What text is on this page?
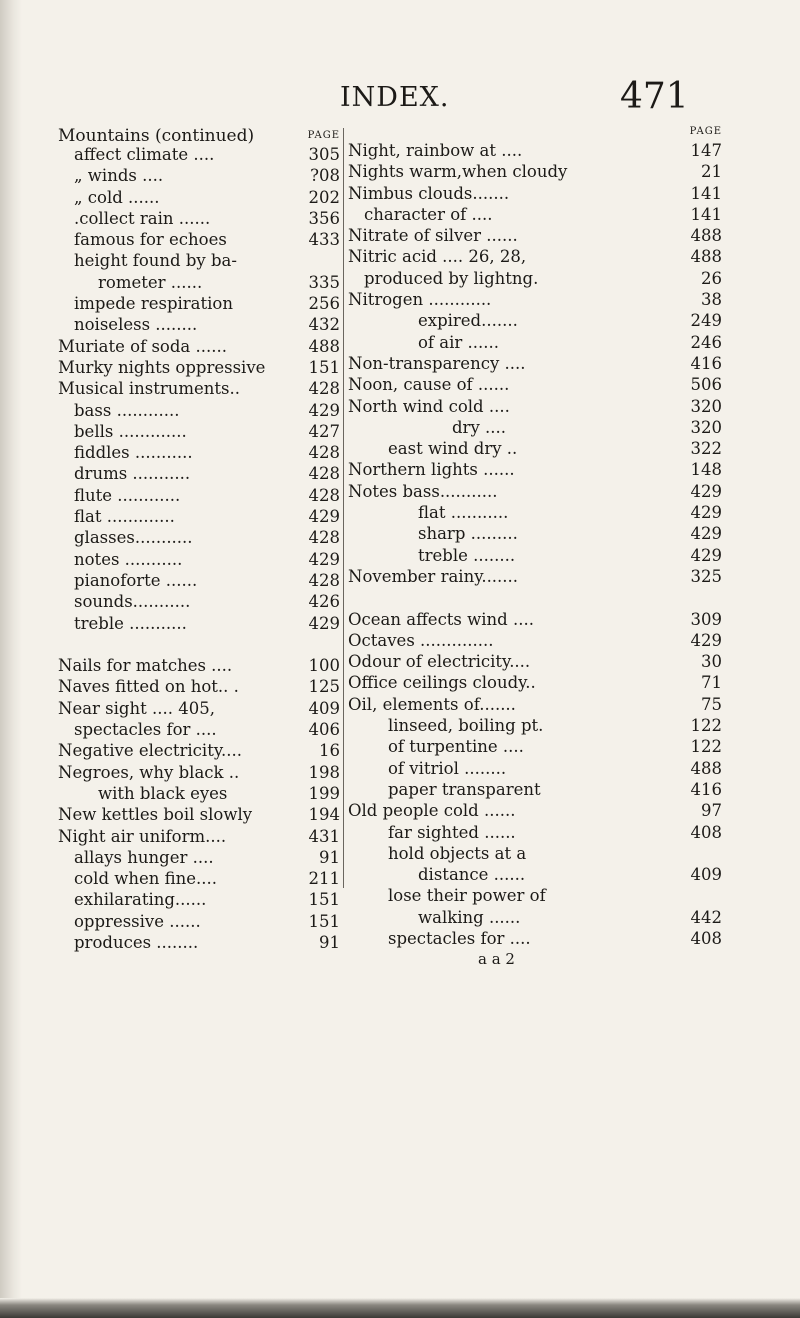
INDEX.	471
Mountains (continued)	PAGE
affect climate ....	305
„ winds ....	?08
„ cold ......	202
.collect rain ......	356
famous for echoes	433
height found by ba-
rometer ......	335
impede respiration	256
noiseless ........	432
Muriate of soda ......	488
Murky nights oppressive	151
Musical instruments..	428
bass ............	429
bells .............	427
fiddles ...........	428
drums ...........	428
flute ............	428
flat .............	429
glasses...........	428
notes ...........	429
pianoforte ......	428
sounds...........	426
treble ...........	429
Nails for matches ....	100
Naves fitted on hot.. .	125
Near sight .... 405,	409
spectacles for ....	406
Negative electricity....	16
Negroes, why black ..	198
with black eyes	199
New kettles boil slowly	194
Night air uniform....	431
allays hunger ....	91
cold when fine....	211
exhilarating......	151
oppressive ......	151
produces ........	91
PAGE
Night, rainbow at ....	147
Nights warm,when cloudy	21
Nimbus clouds.......	141
character of ....	141
Nitrate of silver ......	488
Nitric acid .... 26, 28,	488
produced by lightng.	26
Nitrogen ............	38
expired.......	249
of air ......	246
Non-transparency ....	416
Noon, cause of ......	506
North wind cold ....	320
dry ....	320
east wind dry ..	322
Northern lights ......	148
Notes bass...........	429
flat ...........	429
sharp .........	429
treble ........	429
November rainy.......	325
Ocean affects wind ....	309
Octaves ..............	429
Odour of electricity....	30
Office ceilings cloudy..	71
Oil, elements of.......	75
linseed, boiling pt.	122
of turpentine ....	122
of vitriol ........	488
paper transparent	416
Old people cold ......	97
far sighted ......	408
hold objects at a
distance ......	409
lose their power of
walking ......	442
spectacles for ....	408
a a 2
